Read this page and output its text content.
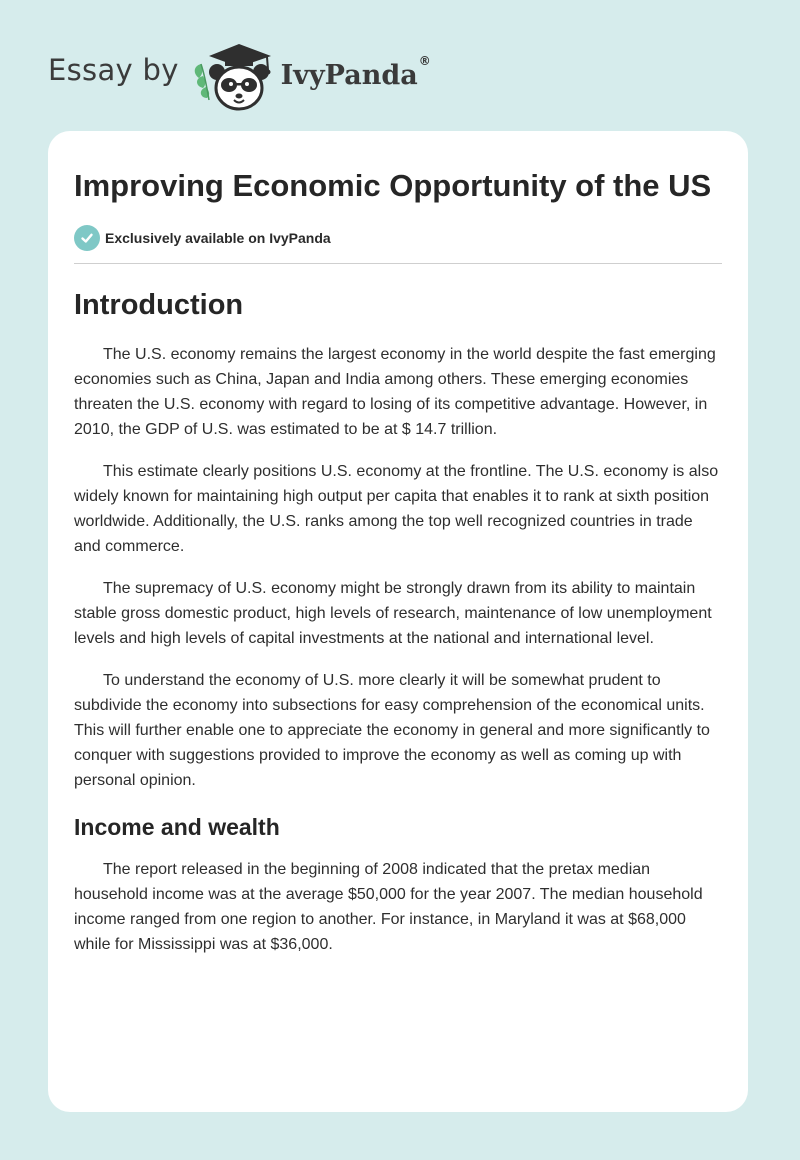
Essay by	IvyPanda®
Improving Economic Opportunity of the US
Exclusively available on IvyPanda
Introduction

The U.S. economy remains the largest economy in the world despite the fast emerging economies such as China, Japan and India among others. These emerging economies threaten the U.S. economy with regard to losing of its competitive advantage. However, in 2010, the GDP of U.S. was estimated to be at $ 14.7 trillion.

This estimate clearly positions U.S. economy at the frontline. The U.S. economy is also widely known for maintaining high output per capita that enables it to rank at sixth position worldwide. Additionally, the U.S. ranks among the top well recognized countries in trade and commerce.

The supremacy of U.S. economy might be strongly drawn from its ability to maintain stable gross domestic product, high levels of research, maintenance of low unemployment levels and high levels of capital investments at the national and international level.

To understand the economy of U.S. more clearly it will be somewhat prudent to subdivide the economy into subsections for easy comprehension of the economical units. This will further enable one to appreciate the economy in general and more significantly to conquer with suggestions provided to improve the economy as well as coming up with personal opinion.

Income and wealth

The report released in the beginning of 2008 indicated that the pretax median household income was at the average $50,000 for the year 2007. The median household income ranged from one region to another. For instance, in Maryland it was at $68,000 while for Mississippi was at $36,000.
